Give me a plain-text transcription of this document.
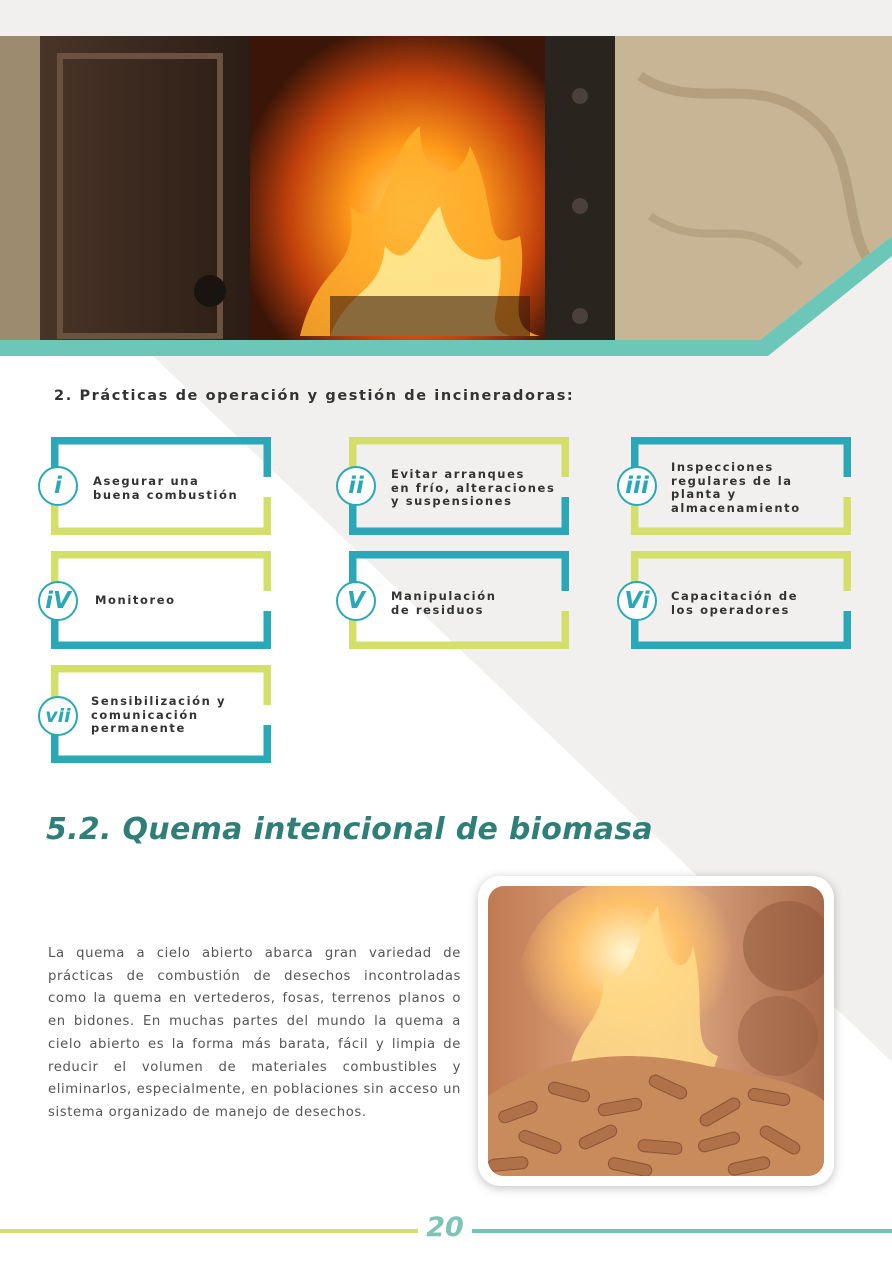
2. Prácticas de operación y gestión de incineradoras:
Asegurar una
buena combustión
i	Evitar arranques
en frío, alteraciones
y suspensiones
ii
Inspecciones
regulares de la
planta y
almacenamiento
iii
Monitoreo
iV	Manipulación
de residuos
V	Capacitación de
los operadores
Vi
Sensibilización y
comunicación
permanente
vii
5.2. Quema intencional de biomasa
La quema a cielo abierto abarca gran variedad de prácticas de combustión de desechos incontroladas como la quema en vertederos, fosas, terrenos planos o en bidones. En muchas partes del mundo la quema a cielo abierto es la forma más barata, fácil y limpia de reducir el volumen de materiales combustibles y eliminarlos, especialmente, en poblaciones sin acceso un sistema organizado de manejo de desechos.
20
